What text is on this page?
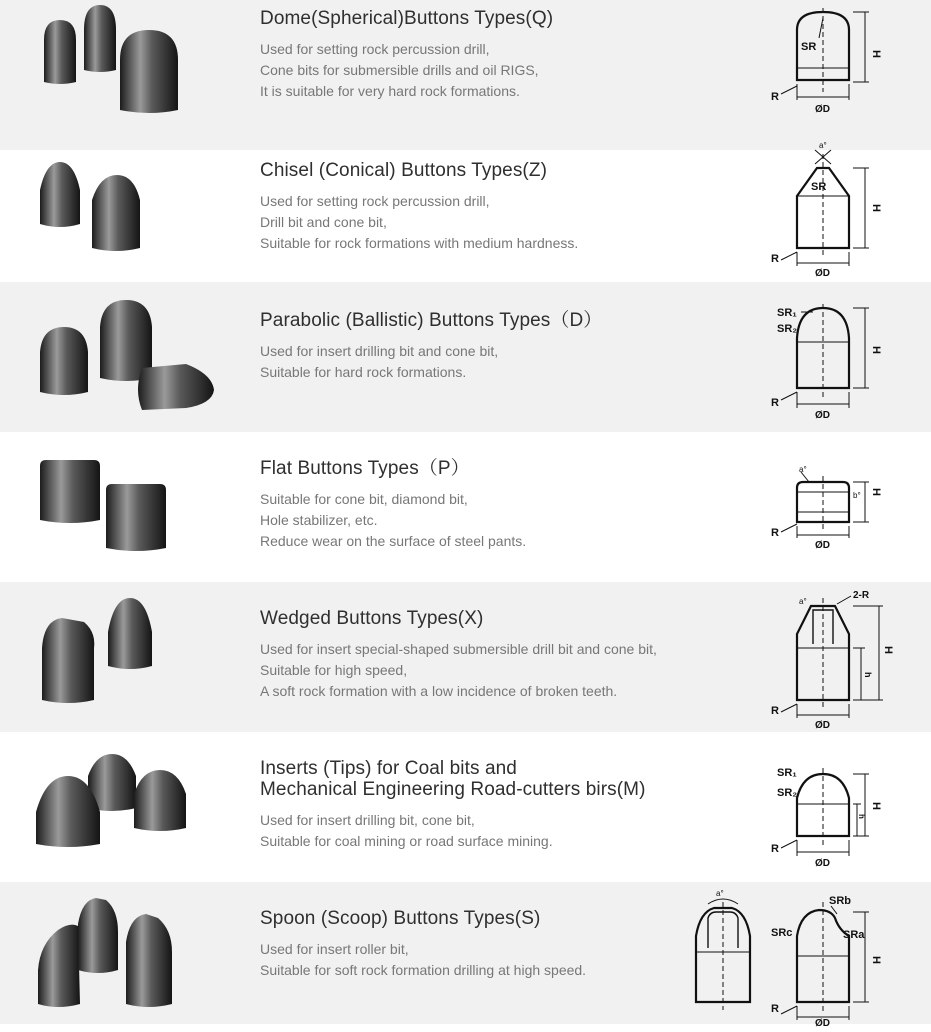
Dome(Spherical)Buttons Types(Q)
Used for setting rock percussion drill,
Cone bits for submersible drills and oil RIGS,
It is suitable for very hard rock formations.
SR
H
R
ØD
Chisel (Conical) Buttons Types(Z)
Used for setting rock percussion drill,
Drill bit and cone bit,
Suitable for rock formations with medium hardness.
SR
a°
H
R
ØD
Parabolic (Ballistic) Buttons Types（D）
Used for insert drilling bit and cone bit,
Suitable for hard rock formations.
SR₁
SR₂
H
R
ØD
Flat Buttons Types（P）
Suitable for cone bit, diamond bit,
Hole stabilizer, etc.
Reduce wear on the surface of steel pants.
a°
b° H
R
ØD
Wedged Buttons Types(X)
Used for insert special-shaped submersible drill bit and cone bit,
Suitable for high speed,
A soft rock formation with a low incidence of broken teeth.
a°
2-R
H
h
R
ØD
Inserts (Tips) for Coal bits and
Mechanical Engineering Road-cutters birs(M)
Used for insert drilling bit, cone bit,
Suitable for coal mining or road surface mining.
SR₁
SR₂
H
h
R
ØD
Spoon (Scoop) Buttons Types(S)
Used for insert roller bit,
Suitable for soft rock formation drilling at high speed.
a°
SRb
SRc	SRa
H
R
ØD
